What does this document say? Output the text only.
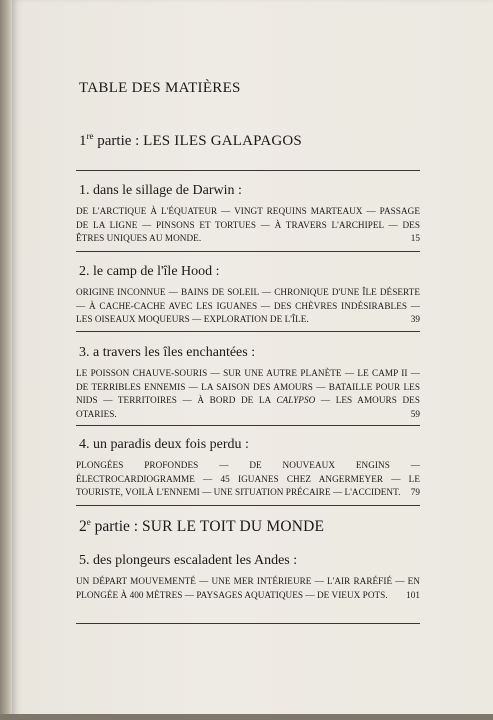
TABLE DES MATIÈRES
1re partie : LES ILES GALAPAGOS
1. dans le sillage de Darwin :
DE L'ARCTIQUE À L'ÉQUATEUR — VINGT REQUINS MARTEAUX — PASSAGE DE LA LIGNE — PINSONS ET TORTUES — À TRAVERS L'ARCHIPEL — DES ÊTRES UNIQUES AU MONDE.	15
2. le camp de l'île Hood :
ORIGINE INCONNUE — BAINS DE SOLEIL — CHRONIQUE D'UNE ÎLE DÉSERTE — À CACHE-CACHE AVEC LES IGUANES — DES CHÈVRES INDÉSIRABLES — LES OISEAUX MOQUEURS — EXPLORATION DE L'ÎLE.	39
3. a travers les îles enchantées :
LE POISSON CHAUVE-SOURIS — SUR UNE AUTRE PLANÈTE — LE CAMP II — DE TERRIBLES ENNEMIS — LA SAISON DES AMOURS — BATAILLE POUR LES NIDS — TERRITOIRES — À BORD DE LA CALYPSO — LES AMOURS DES OTARIES.	59
4. un paradis deux fois perdu :
PLONGÉES PROFONDES — DE NOUVEAUX ENGINS — ÉLECTROCARDIOGRAMME — 45 IGUANES CHEZ ANGERMEYER — LE TOURISTE, VOILÀ L'ENNEMI — UNE SITUATION PRÉCAIRE — L'ACCIDENT. 79
2e partie : SUR LE TOIT DU MONDE
5. des plongeurs escaladent les Andes :
UN DÉPART MOUVEMENTÉ — UNE MER INTÉRIEURE — L'AIR RARÉFIÉ — EN PLONGÉE À 400 MÈTRES — PAYSAGES AQUATIQUES — DE VIEUX POTS. 101
